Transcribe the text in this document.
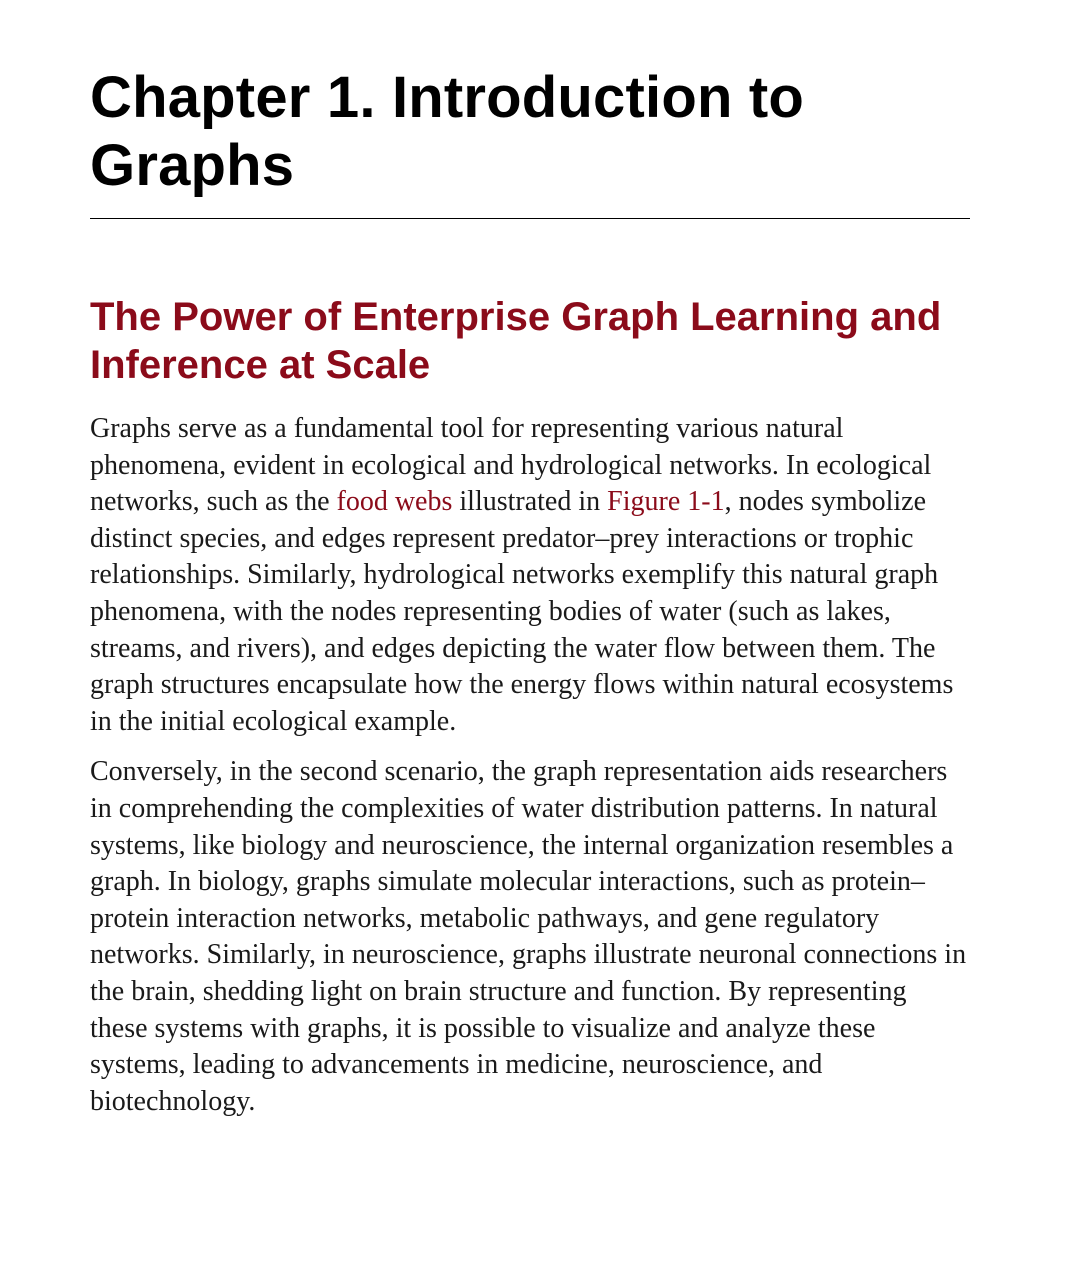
Chapter 1. Introduction to
Graphs
The Power of Enterprise Graph Learning and
Inference at Scale

Graphs serve as a fundamental tool for representing various natural phenomena, evident in ecological and hydrological networks. In ecological networks, such as the food webs illustrated in Figure 1-1, nodes symbolize distinct species, and edges represent predator–prey interactions or trophic relationships. Similarly, hydrological networks exemplify this natural graph phenomena, with the nodes representing bodies of water (such as lakes, streams, and rivers), and edges depicting the water flow between them. The graph structures encapsulate how the energy flows within natural ecosystems in the initial ecological example.

Conversely, in the second scenario, the graph representation aids researchers in comprehending the complexities of water distribution patterns. In natural systems, like biology and neuroscience, the internal organization resembles a graph. In biology, graphs simulate molecular interactions, such as protein–protein interaction networks, metabolic pathways, and gene regulatory networks. Similarly, in neuroscience, graphs illustrate neuronal connections in the brain, shedding light on brain structure and function. By representing these systems with graphs, it is possible to visualize and analyze these systems, leading to advancements in medicine, neuroscience, and biotechnology.
